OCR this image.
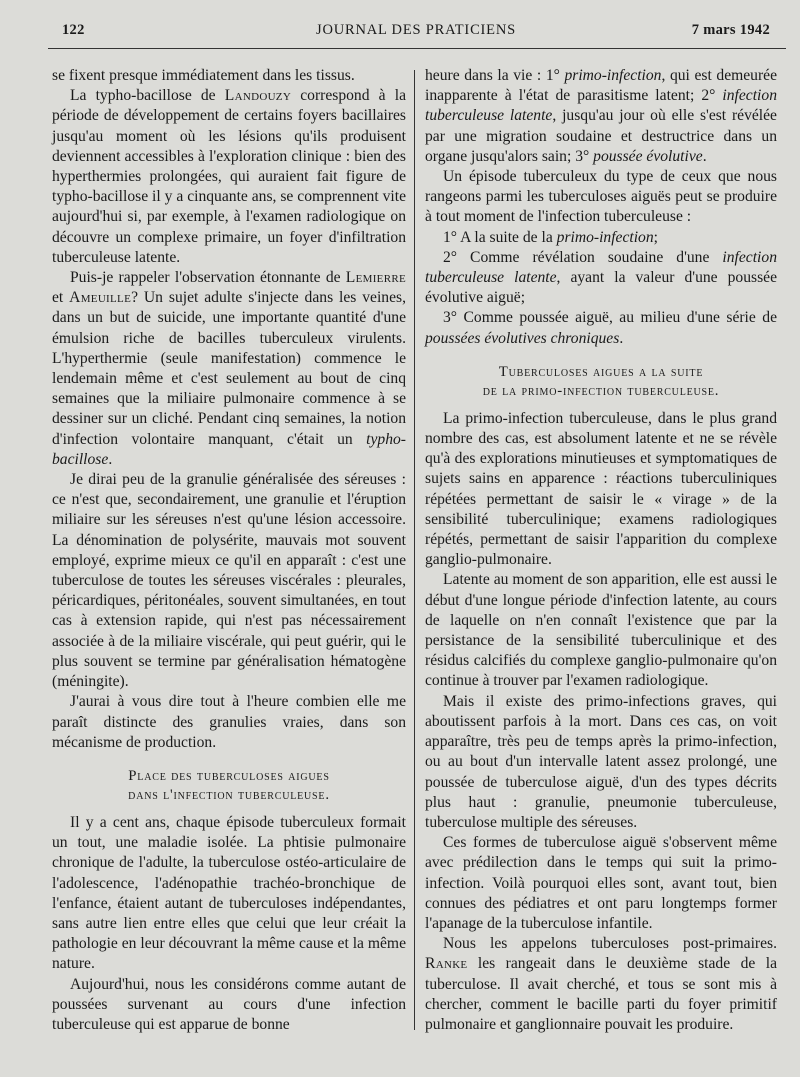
122	JOURNAL DES PRATICIENS	7 mars 1942

se fixent presque immédiatement dans les tissus.

La typho-bacillose de Landouzy correspond à la période de développement de certains foyers bacillaires jusqu'au moment où les lésions qu'ils produisent deviennent accessibles à l'exploration clinique : bien des hyperthermies prolongées, qui auraient fait figure de typho-bacillose il y a cinquante ans, se comprennent vite aujourd'hui si, par exemple, à l'examen radiologique on découvre un complexe primaire, un foyer d'infiltration tuberculeuse latente.

Puis-je rappeler l'observation étonnante de Lemierre et Ameuille? Un sujet adulte s'injecte dans les veines, dans un but de suicide, une importante quantité d'une émulsion riche de bacilles tuberculeux virulents. L'hyperthermie (seule manifestation) commence le lendemain même et c'est seulement au bout de cinq semaines que la miliaire pulmonaire commence à se dessiner sur un cliché. Pendant cinq semaines, la notion d'infection volontaire manquant, c'était un typho-bacillose.

Je dirai peu de la granulie généralisée des séreuses : ce n'est que, secondairement, une granulie et l'éruption miliaire sur les séreuses n'est qu'une lésion accessoire. La dénomination de polysérite, mauvais mot souvent employé, exprime mieux ce qu'il en apparaît : c'est une tuberculose de toutes les séreuses viscérales : pleurales, péricardiques, péritonéales, souvent simultanées, en tout cas à extension rapide, qui n'est pas nécessairement associée à de la miliaire viscérale, qui peut guérir, qui le plus souvent se termine par généralisation hématogène (méningite).

J'aurai à vous dire tout à l'heure combien elle me paraît distincte des granulies vraies, dans son mécanisme de production.

Place des tuberculoses aigues
dans l'infection tuberculeuse.

Il y a cent ans, chaque épisode tuberculeux formait un tout, une maladie isolée. La phtisie pulmonaire chronique de l'adulte, la tuberculose ostéo-articulaire de l'adolescence, l'adénopathie trachéo-bronchique de l'enfance, étaient autant de tuberculoses indépendantes, sans autre lien entre elles que celui que leur créait la pathologie en leur découvrant la même cause et la même nature.

Aujourd'hui, nous les considérons comme autant de poussées survenant au cours d'une infection tuberculeuse qui est apparue de bonne

heure dans la vie : 1° primo-infection, qui est demeurée inapparente à l'état de parasitisme latent; 2° infection tuberculeuse latente, jusqu'au jour où elle s'est révélée par une migration soudaine et destructrice dans un organe jusqu'alors sain; 3° poussée évolutive.

Un épisode tuberculeux du type de ceux que nous rangeons parmi les tuberculoses aiguës peut se produire à tout moment de l'infection tuberculeuse :

1° A la suite de la primo-infection;

2° Comme révélation soudaine d'une infection tuberculeuse latente, ayant la valeur d'une poussée évolutive aiguë;

3° Comme poussée aiguë, au milieu d'une série de poussées évolutives chroniques.

Tuberculoses aigues a la suite
de la primo-infection tuberculeuse.

La primo-infection tuberculeuse, dans le plus grand nombre des cas, est absolument latente et ne se révèle qu'à des explorations minutieuses et symptomatiques de sujets sains en apparence : réactions tuberculiniques répétées permettant de saisir le « virage » de la sensibilité tuberculinique; examens radiologiques répétés, permettant de saisir l'apparition du complexe ganglio-pulmonaire.

Latente au moment de son apparition, elle est aussi le début d'une longue période d'infection latente, au cours de laquelle on n'en connaît l'existence que par la persistance de la sensibilité tuberculinique et des résidus calcifiés du complexe ganglio-pulmonaire qu'on continue à trouver par l'examen radiologique.

Mais il existe des primo-infections graves, qui aboutissent parfois à la mort. Dans ces cas, on voit apparaître, très peu de temps après la primo-infection, ou au bout d'un intervalle latent assez prolongé, une poussée de tuberculose aiguë, d'un des types décrits plus haut : granulie, pneumonie tuberculeuse, tuberculose multiple des séreuses.

Ces formes de tuberculose aiguë s'observent même avec prédilection dans le temps qui suit la primo-infection. Voilà pourquoi elles sont, avant tout, bien connues des pédiatres et ont paru longtemps former l'apanage de la tuberculose infantile.

Nous les appelons tuberculoses post-primaires. Ranke les rangeait dans le deuxième stade de la tuberculose. Il avait cherché, et tous se sont mis à chercher, comment le bacille parti du foyer primitif pulmonaire et ganglionnaire pouvait les produire.
